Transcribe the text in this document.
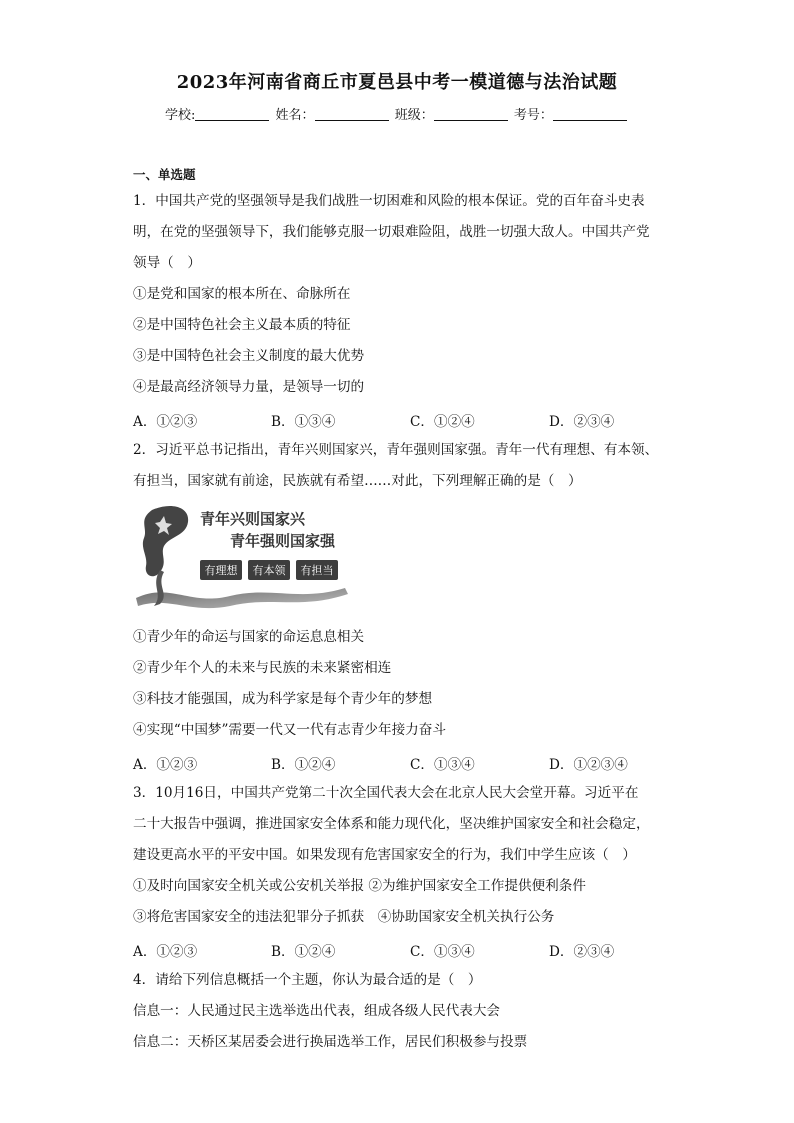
2023年河南省商丘市夏邑县中考一模道德与法治试题
学校:	姓名：	班级：	考号：
一、单选题
1．中国共产党的坚强领导是我们战胜一切困难和风险的根本保证。党的百年奋斗史表
明，在党的坚强领导下，我们能够克服一切艰难险阻，战胜一切强大敌人。中国共产党
领导（　）
①是党和国家的根本所在、命脉所在
②是中国特色社会主义最本质的特征
③是中国特色社会主义制度的最大优势
④是最高经济领导力量，是领导一切的
A．①②③	B．①③④	C．①②④	D．②③④
2．习近平总书记指出，青年兴则国家兴，青年强则国家强。青年一代有理想、有本领、
有担当，国家就有前途，民族就有希望……对此，下列理解正确的是（　）
青年兴则国家兴
青年强则国家强
有理想 有本领 有担当
①青少年的命运与国家的命运息息相关
②青少年个人的未来与民族的未来紧密相连
③科技才能强国，成为科学家是每个青少年的梦想
④实现“中国梦”需要一代又一代有志青少年接力奋斗
A．①②③	B．①②④	C．①③④	D．①②③④
3．10月16日，中国共产党第二十次全国代表大会在北京人民大会堂开幕。习近平在
二十大报告中强调，推进国家安全体系和能力现代化，坚决维护国家安全和社会稳定，
建设更高水平的平安中国。如果发现有危害国家安全的行为，我们中学生应该（　）
①及时向国家安全机关或公安机关举报 ②为维护国家安全工作提供便利条件
③将危害国家安全的违法犯罪分子抓获　④协助国家安全机关执行公务
A．①②③	B．①②④	C．①③④	D．②③④
4．请给下列信息概括一个主题，你认为最合适的是（　）
信息一：人民通过民主选举选出代表，组成各级人民代表大会
信息二：天桥区某居委会进行换届选举工作，居民们积极参与投票
